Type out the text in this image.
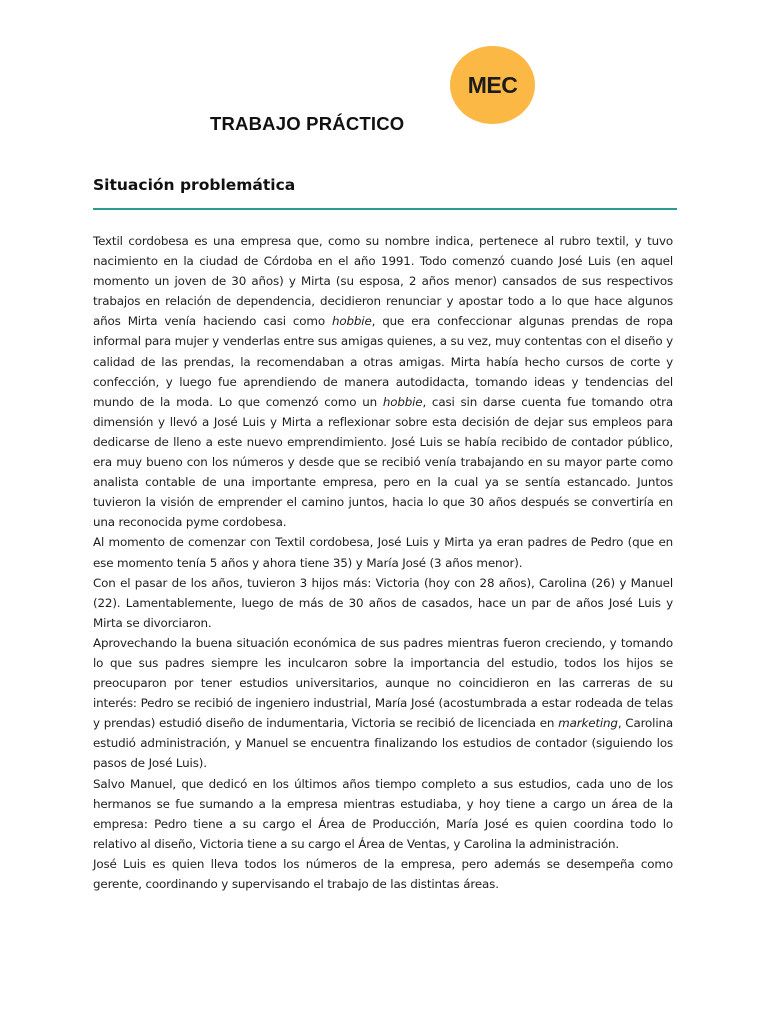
MEC
TRABAJO PRÁCTICO
Situación problemática

Textil cordobesa es una empresa que, como su nombre indica, pertenece al rubro textil, y tuvo nacimiento en la ciudad de Córdoba en el año 1991. Todo comenzó cuando José Luis (en aquel momento un joven de 30 años) y Mirta (su esposa, 2 años menor) cansados de sus respectivos trabajos en relación de dependencia, decidieron renunciar y apostar todo a lo que hace algunos años Mirta venía haciendo casi como hobbie, que era confeccionar algunas prendas de ropa informal para mujer y venderlas entre sus amigas quienes, a su vez, muy contentas con el diseño y calidad de las prendas, la recomendaban a otras amigas. Mirta había hecho cursos de corte y confección, y luego fue aprendiendo de manera autodidacta, tomando ideas y tendencias del mundo de la moda. Lo que comenzó como un hobbie, casi sin darse cuenta fue tomando otra dimensión y llevó a José Luis y Mirta a reflexionar sobre esta decisión de dejar sus empleos para dedicarse de lleno a este nuevo emprendimiento. José Luis se había recibido de contador público, era muy bueno con los números y desde que se recibió venía trabajando en su mayor parte como analista contable de una importante empresa, pero en la cual ya se sentía estancado. Juntos tuvieron la visión de emprender el camino juntos, hacia lo que 30 años después se convertiría en una reconocida pyme cordobesa.

Al momento de comenzar con Textil cordobesa, José Luis y Mirta ya eran padres de Pedro (que en ese momento tenía 5 años y ahora tiene 35) y María José (3 años menor).

Con el pasar de los años, tuvieron 3 hijos más: Victoria (hoy con 28 años), Carolina (26) y Manuel (22). Lamentablemente, luego de más de 30 años de casados, hace un par de años José Luis y Mirta se divorciaron.

Aprovechando la buena situación económica de sus padres mientras fueron creciendo, y tomando lo que sus padres siempre les inculcaron sobre la importancia del estudio, todos los hijos se preocuparon por tener estudios universitarios, aunque no coincidieron en las carreras de su interés: Pedro se recibió de ingeniero industrial, María José (acostumbrada a estar rodeada de telas y prendas) estudió diseño de indumentaria, Victoria se recibió de licenciada en marketing, Carolina estudió administración, y Manuel se encuentra finalizando los estudios de contador (siguiendo los pasos de José Luis).

Salvo Manuel, que dedicó en los últimos años tiempo completo a sus estudios, cada uno de los hermanos se fue sumando a la empresa mientras estudiaba, y hoy tiene a cargo un área de la empresa: Pedro tiene a su cargo el Área de Producción, María José es quien coordina todo lo relativo al diseño, Victoria tiene a su cargo el Área de Ventas, y Carolina la administración.

José Luis es quien lleva todos los números de la empresa, pero además se desempeña como gerente, coordinando y supervisando el trabajo de las distintas áreas.
